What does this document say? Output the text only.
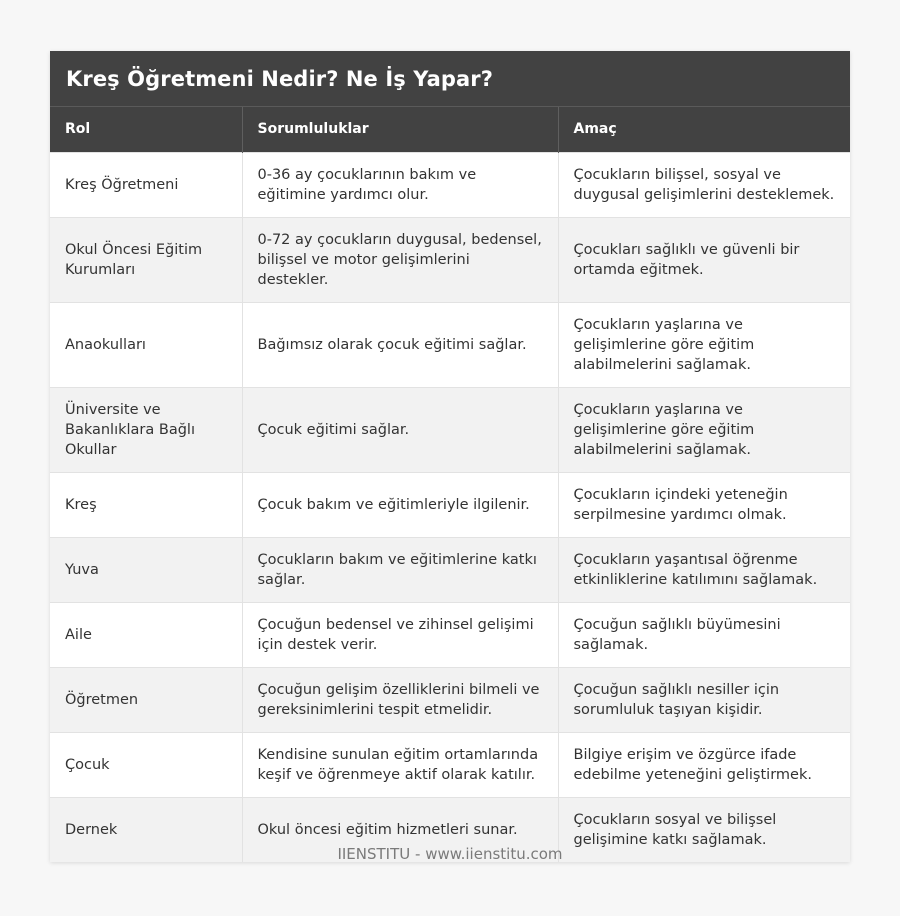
Kreş Öğretmeni Nedir? Ne İş Yapar?
Rol	Sorumluluklar	Amaç
Kreş Öğretmeni	0-36 ay çocuklarının bakım ve eğitimine yardımcı olur.	Çocukların bilişsel, sosyal ve duygusal gelişimlerini desteklemek.
Okul Öncesi Eğitim Kurumları	0-72 ay çocukların duygusal, bedensel, bilişsel ve motor gelişimlerini destekler.	Çocukları sağlıklı ve güvenli bir ortamda eğitmek.
Anaokulları	Bağımsız olarak çocuk eğitimi sağlar.	Çocukların yaşlarına ve gelişimlerine göre eğitim alabilmelerini sağlamak.
Üniversite ve Bakanlıklara Bağlı Okullar	Çocuk eğitimi sağlar.	Çocukların yaşlarına ve gelişimlerine göre eğitim alabilmelerini sağlamak.
Kreş	Çocuk bakım ve eğitimleriyle ilgilenir.	Çocukların içindeki yeteneğin serpilmesine yardımcı olmak.
Yuva	Çocukların bakım ve eğitimlerine katkı sağlar.	Çocukların yaşantısal öğrenme etkinliklerine katılımını sağlamak.
Aile	Çocuğun bedensel ve zihinsel gelişimi için destek verir.	Çocuğun sağlıklı büyümesini sağlamak.
Öğretmen	Çocuğun gelişim özelliklerini bilmeli ve gereksinimlerini tespit etmelidir.	Çocuğun sağlıklı nesiller için sorumluluk taşıyan kişidir.
Çocuk	Kendisine sunulan eğitim ortamlarında keşif ve öğrenmeye aktif olarak katılır.	Bilgiye erişim ve özgürce ifade edebilme yeteneğini geliştirmek.
Dernek	Okul öncesi eğitim hizmetleri sunar.	Çocukların sosyal ve bilişsel gelişimine katkı sağlamak.
IIENSTITU - www.iienstitu.com
